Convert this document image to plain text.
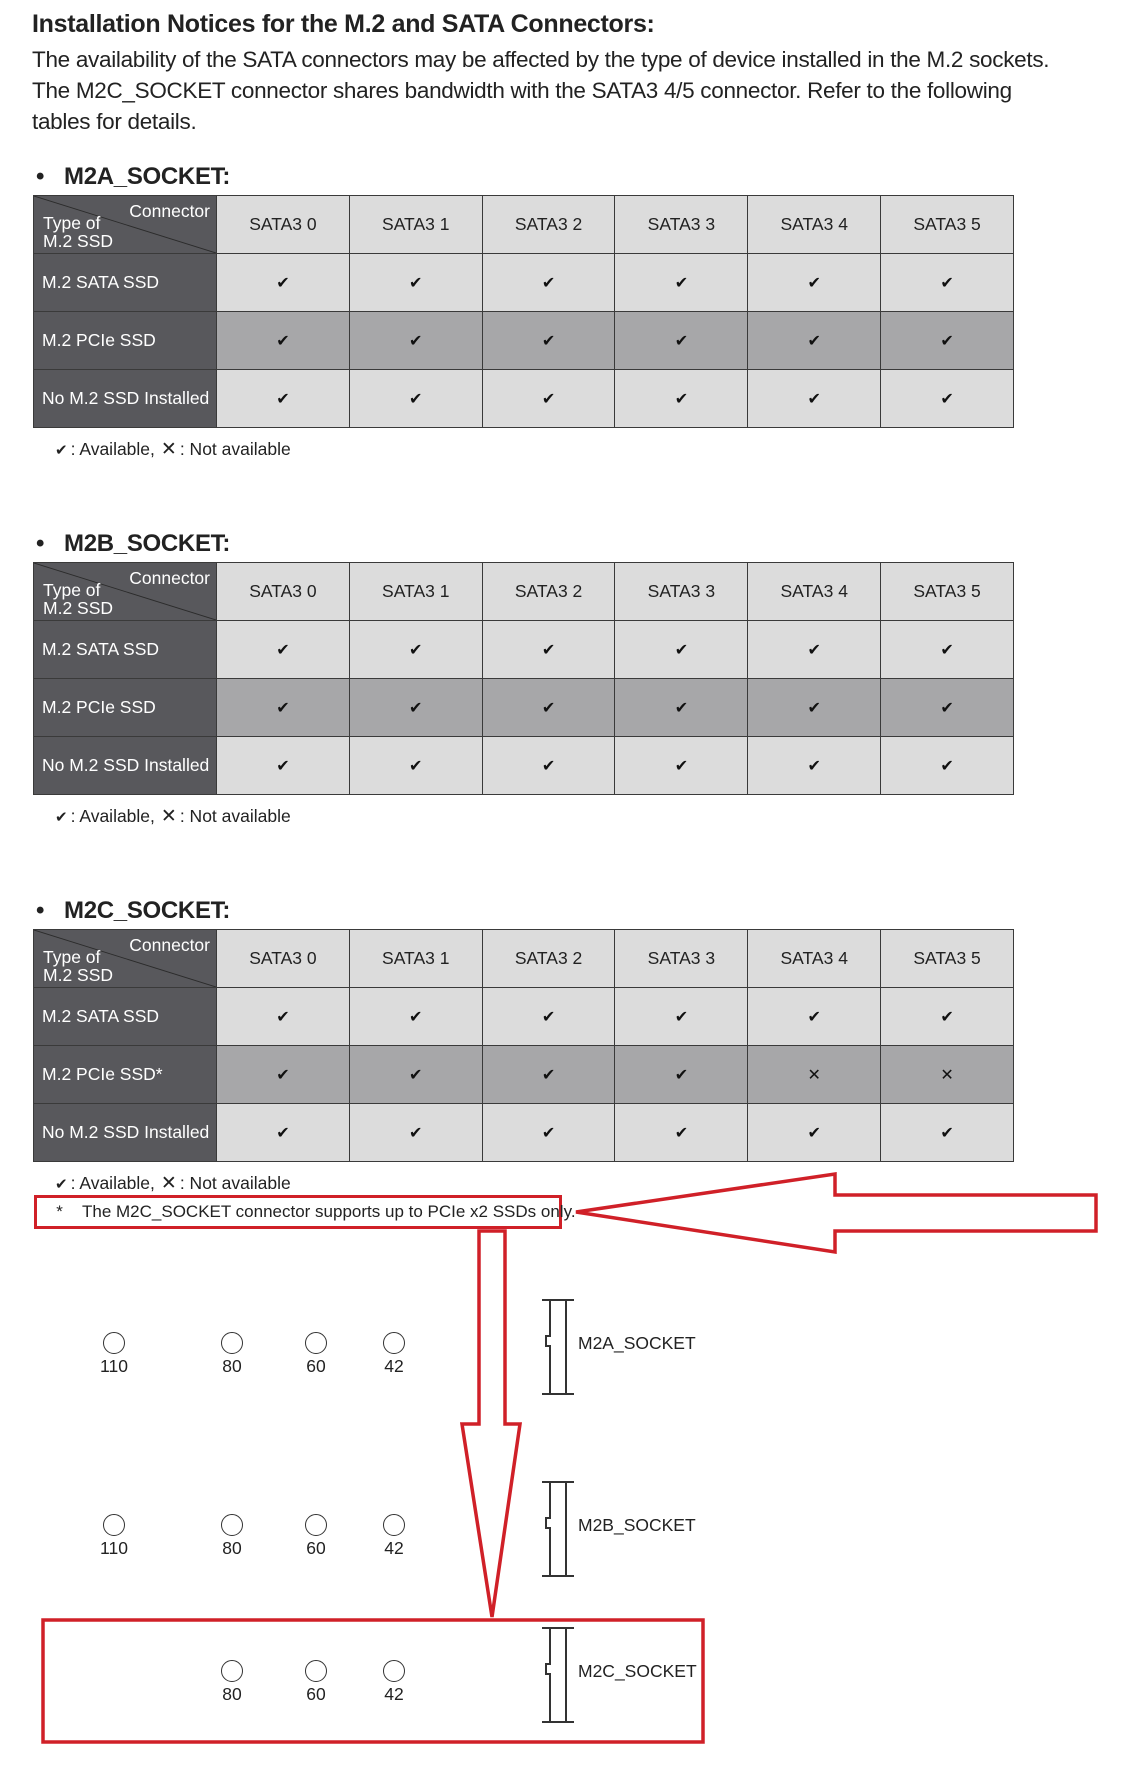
Installation Notices for the M.2 and SATA Connectors:

The availability of the SATA connectors may be affected by the type of device installed in the M.2 sockets.

The M2C_SOCKET connector shares bandwidth with the SATA3 4/5 connector. Refer to the following

tables for details.

• M2A_SOCKET:
• M2B_SOCKET:
• M2C_SOCKET:
Connector
Type of
M.2 SSD	SATA3 0	SATA3 1	SATA3 2	SATA3 3	SATA3 4	SATA3 5
M.2 SATA SSD	✔	✔	✔	✔	✔	✔
M.2 PCIe SSD	✔	✔	✔	✔	✔	✔
No M.2 SSD Installed	✔	✔	✔	✔	✔	✔
Connector
Type of
M.2 SSD	SATA3 0	SATA3 1	SATA3 2	SATA3 3	SATA3 4	SATA3 5
M.2 SATA SSD	✔	✔	✔	✔	✔	✔
M.2 PCIe SSD	✔	✔	✔	✔	✔	✔
No M.2 SSD Installed	✔	✔	✔	✔	✔	✔
Connector
Type of
M.2 SSD	SATA3 0	SATA3 1	SATA3 2	SATA3 3	SATA3 4	SATA3 5
M.2 SATA SSD	✔	✔	✔	✔	✔	✔
M.2 PCIe SSD*	✔	✔	✔	✔	✕	✕
No M.2 SSD Installed	✔	✔	✔	✔	✔	✔
✔ : Available, ✕ : Not available
✔ : Available, ✕ : Not available
✔ : Available, ✕ : Not available
* The M2C_SOCKET connector supports up to PCIe x2 SSDs only.
110	80	60	42
M2A_SOCKET
110	80	60	42
M2B_SOCKET
80	60	42
M2C_SOCKET
